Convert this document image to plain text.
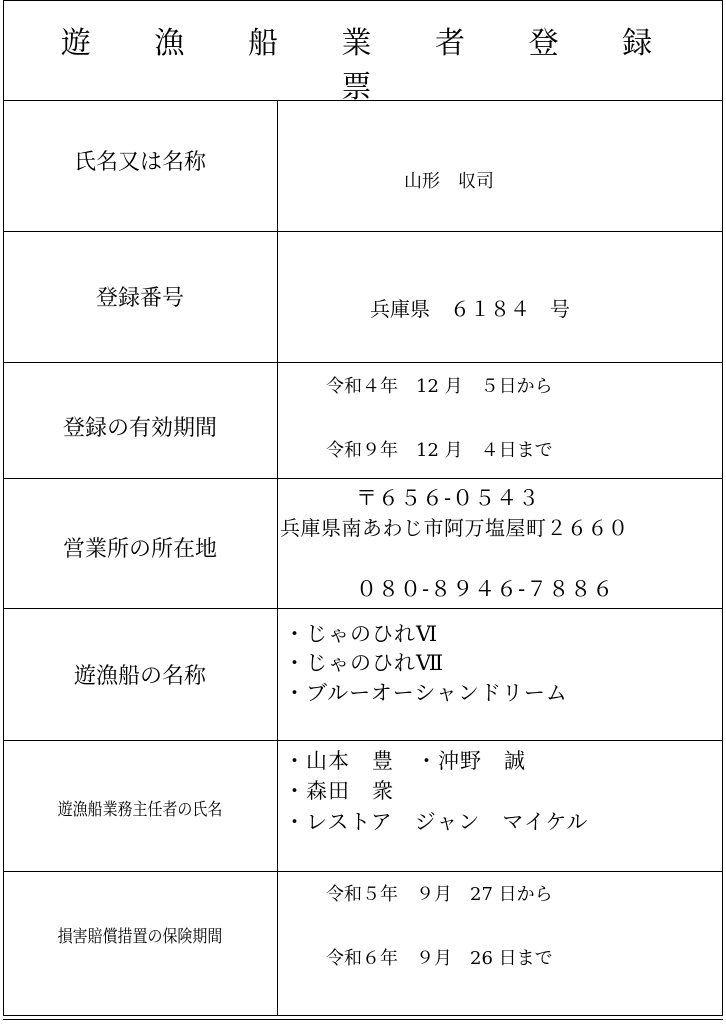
遊 漁 船 業 者 登 録 票
氏名又は名称
山形　収司
登録番号	兵庫県　６１８４　号
登録の有効期間
令和４年　12 月　５日から
令和９年　12 月　４日まで
営業所の所在地
〒６５６-０５４３
兵庫県南あわじ市阿万塩屋町２６６０
０８０-８９４６-７８８６
遊漁船の名称
・じゃのひれⅥ
・じゃのひれⅦ
・ブルーオーシャンドリーム
遊漁船業務主任者の氏名
・山本　豊　・沖野　誠
・森田　衆
・レストア　ジャン　マイケル
損害賠償措置の保険期間
令和５年　９月　27 日から
令和６年　９月　26 日まで
